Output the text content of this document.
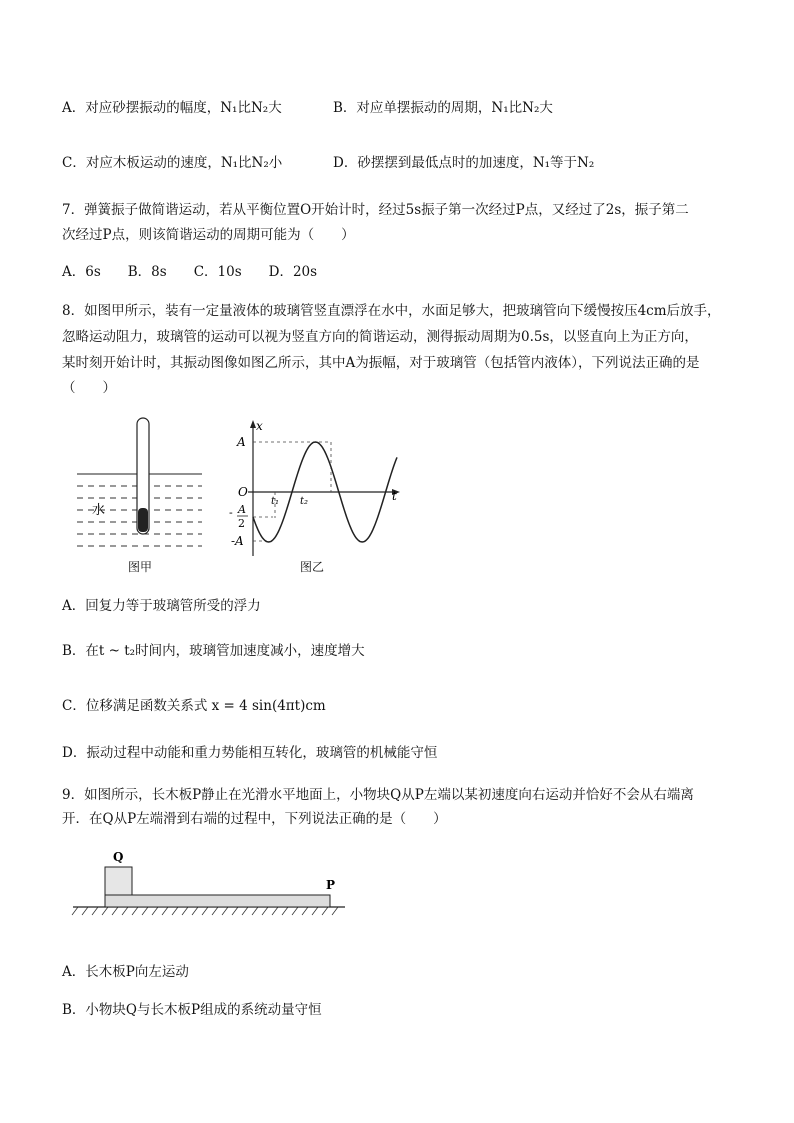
A．对应砂摆振动的幅度，N₁比N₂大	B．对应单摆振动的周期，N₁比N₂大
C．对应木板运动的速度，N₁比N₂小	D．砂摆摆到最低点时的加速度，N₁等于N₂
7．弹簧振子做简谐运动，若从平衡位置O开始计时，经过5s振子第一次经过P点，又经过了2s，振子第二
次经过P点，则该简谐运动的周期可能为（　　）
A．6s　　B．8s　　C．10s　　D．20s
8．如图甲所示，装有一定量液体的玻璃管竖直漂浮在水中，水面足够大，把玻璃管向下缓慢按压4cm后放手，
忽略运动阻力，玻璃管的运动可以视为竖直方向的简谐运动，测得振动周期为0.5s，以竖直向上为正方向，
某时刻开始计时，其振动图像如图乙所示，其中A为振幅，对于玻璃管（包括管内液体），下列说法正确的是
（　　）
水
图甲
x
t
A
O
- A
2
-A
t₁ t₂
图乙
A．回复力等于玻璃管所受的浮力
B．在t ~ t₂时间内，玻璃管加速度减小，速度增大
C．位移满足函数关系式 x = 4 sin(4πt)cm
D．振动过程中动能和重力势能相互转化，玻璃管的机械能守恒
9．如图所示，长木板P静止在光滑水平地面上，小物块Q从P左端以某初速度向右运动并恰好不会从右端离
开．在Q从P左端滑到右端的过程中，下列说法正确的是（　　）
Q
P
A．长木板P向左运动
B．小物块Q与长木板P组成的系统动量守恒
